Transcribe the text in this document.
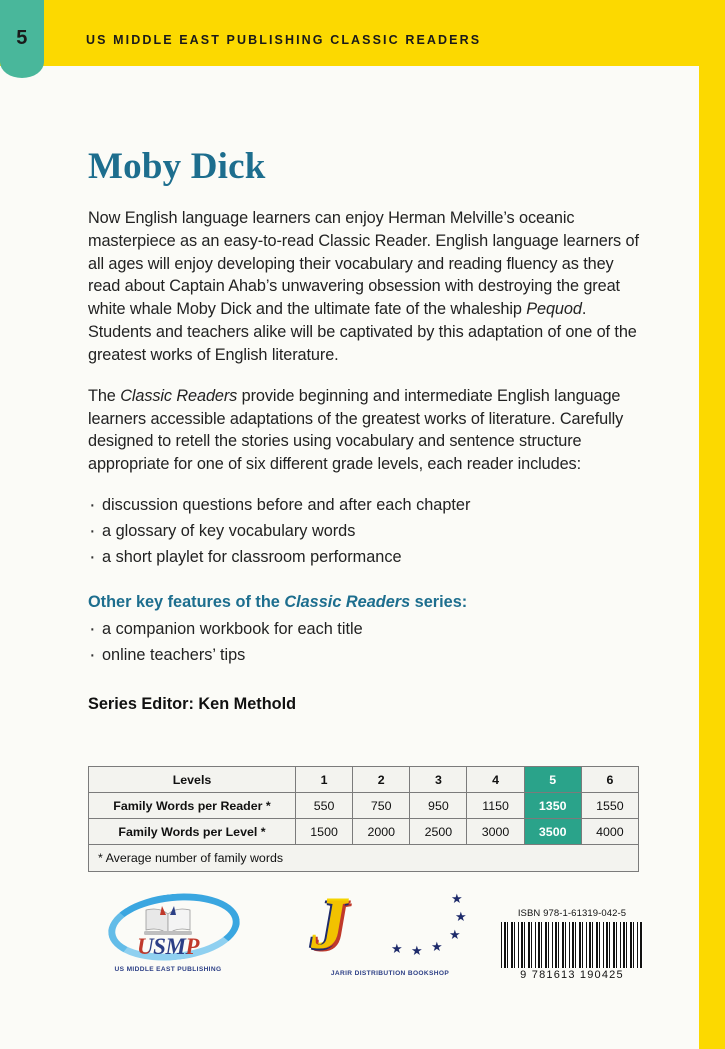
5	US MIDDLE EAST PUBLISHING CLASSIC READERS
Moby Dick

Now English language learners can enjoy Herman Melville’s oceanic masterpiece as an easy-to-read Classic Reader. English language learners of all ages will enjoy developing their vocabulary and reading fluency as they read about Captain Ahab’s unwavering obsession with destroying the great white whale Moby Dick and the ultimate fate of the whaleship Pequod. Students and teachers alike will be captivated by this adaptation of one of the greatest works of English literature.

The Classic Readers provide beginning and intermediate English language learners accessible adaptations of the greatest works of literature. Carefully designed to retell the stories using vocabulary and sentence structure appropriate for one of six different grade levels, each reader includes:

· discussion questions before and after each chapter
· a glossary of key vocabulary words
· a short playlet for classroom performance
Other key features of the Classic Readers series:
· a companion workbook for each title
· online teachers’ tips
Series Editor: Ken Methold
Levels	1	2	3	4	5	6
Family Words per Reader *	550	750	950	1150	1350	1550
Family Words per Level *	1500	2000	2500	3000	3500	4000
* Average number of family words						
USMP
US MIDDLE EAST PUBLISHING
J	★
★
★
★
★
★
JARIR DISTRIBUTION BOOKSHOP
ISBN 978-1-61319-042-5
9 781613 190425
